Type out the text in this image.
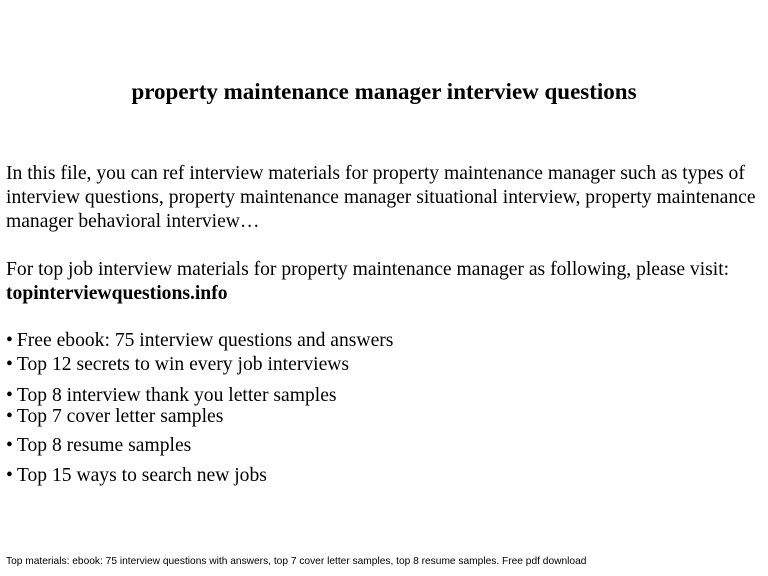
property maintenance manager interview questions

In this file, you can ref interview materials for property maintenance manager such as types of interview questions, property maintenance manager situational interview, property maintenance manager behavioral interview…

For top job interview materials for property maintenance manager as following, please visit: topinterviewquestions.info

• Free ebook: 75 interview questions and answers
• Top 12 secrets to win every job interviews
• Top 8 interview thank you letter samples
• Top 7 cover letter samples
• Top 8 resume samples
• Top 15 ways to search new jobs
Top materials: ebook: 75 interview questions with answers, top 7 cover letter samples, top 8 resume samples. Free pdf download
